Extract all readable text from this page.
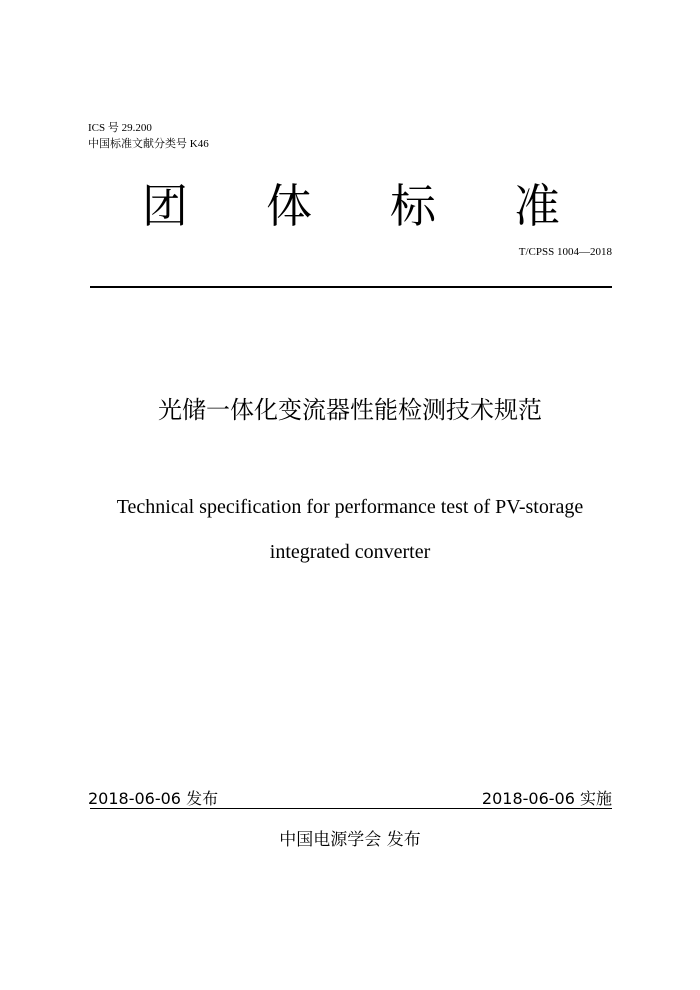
ICS 号 29.200
中国标准文献分类号 K46
团 体 标 准
T/CPSS 1004—2018
光储一体化变流器性能检测技术规范
Technical specification for performance test of PV-storage
integrated converter
2018-06-06 发布	2018-06-06 实施
中国电源学会 发布
